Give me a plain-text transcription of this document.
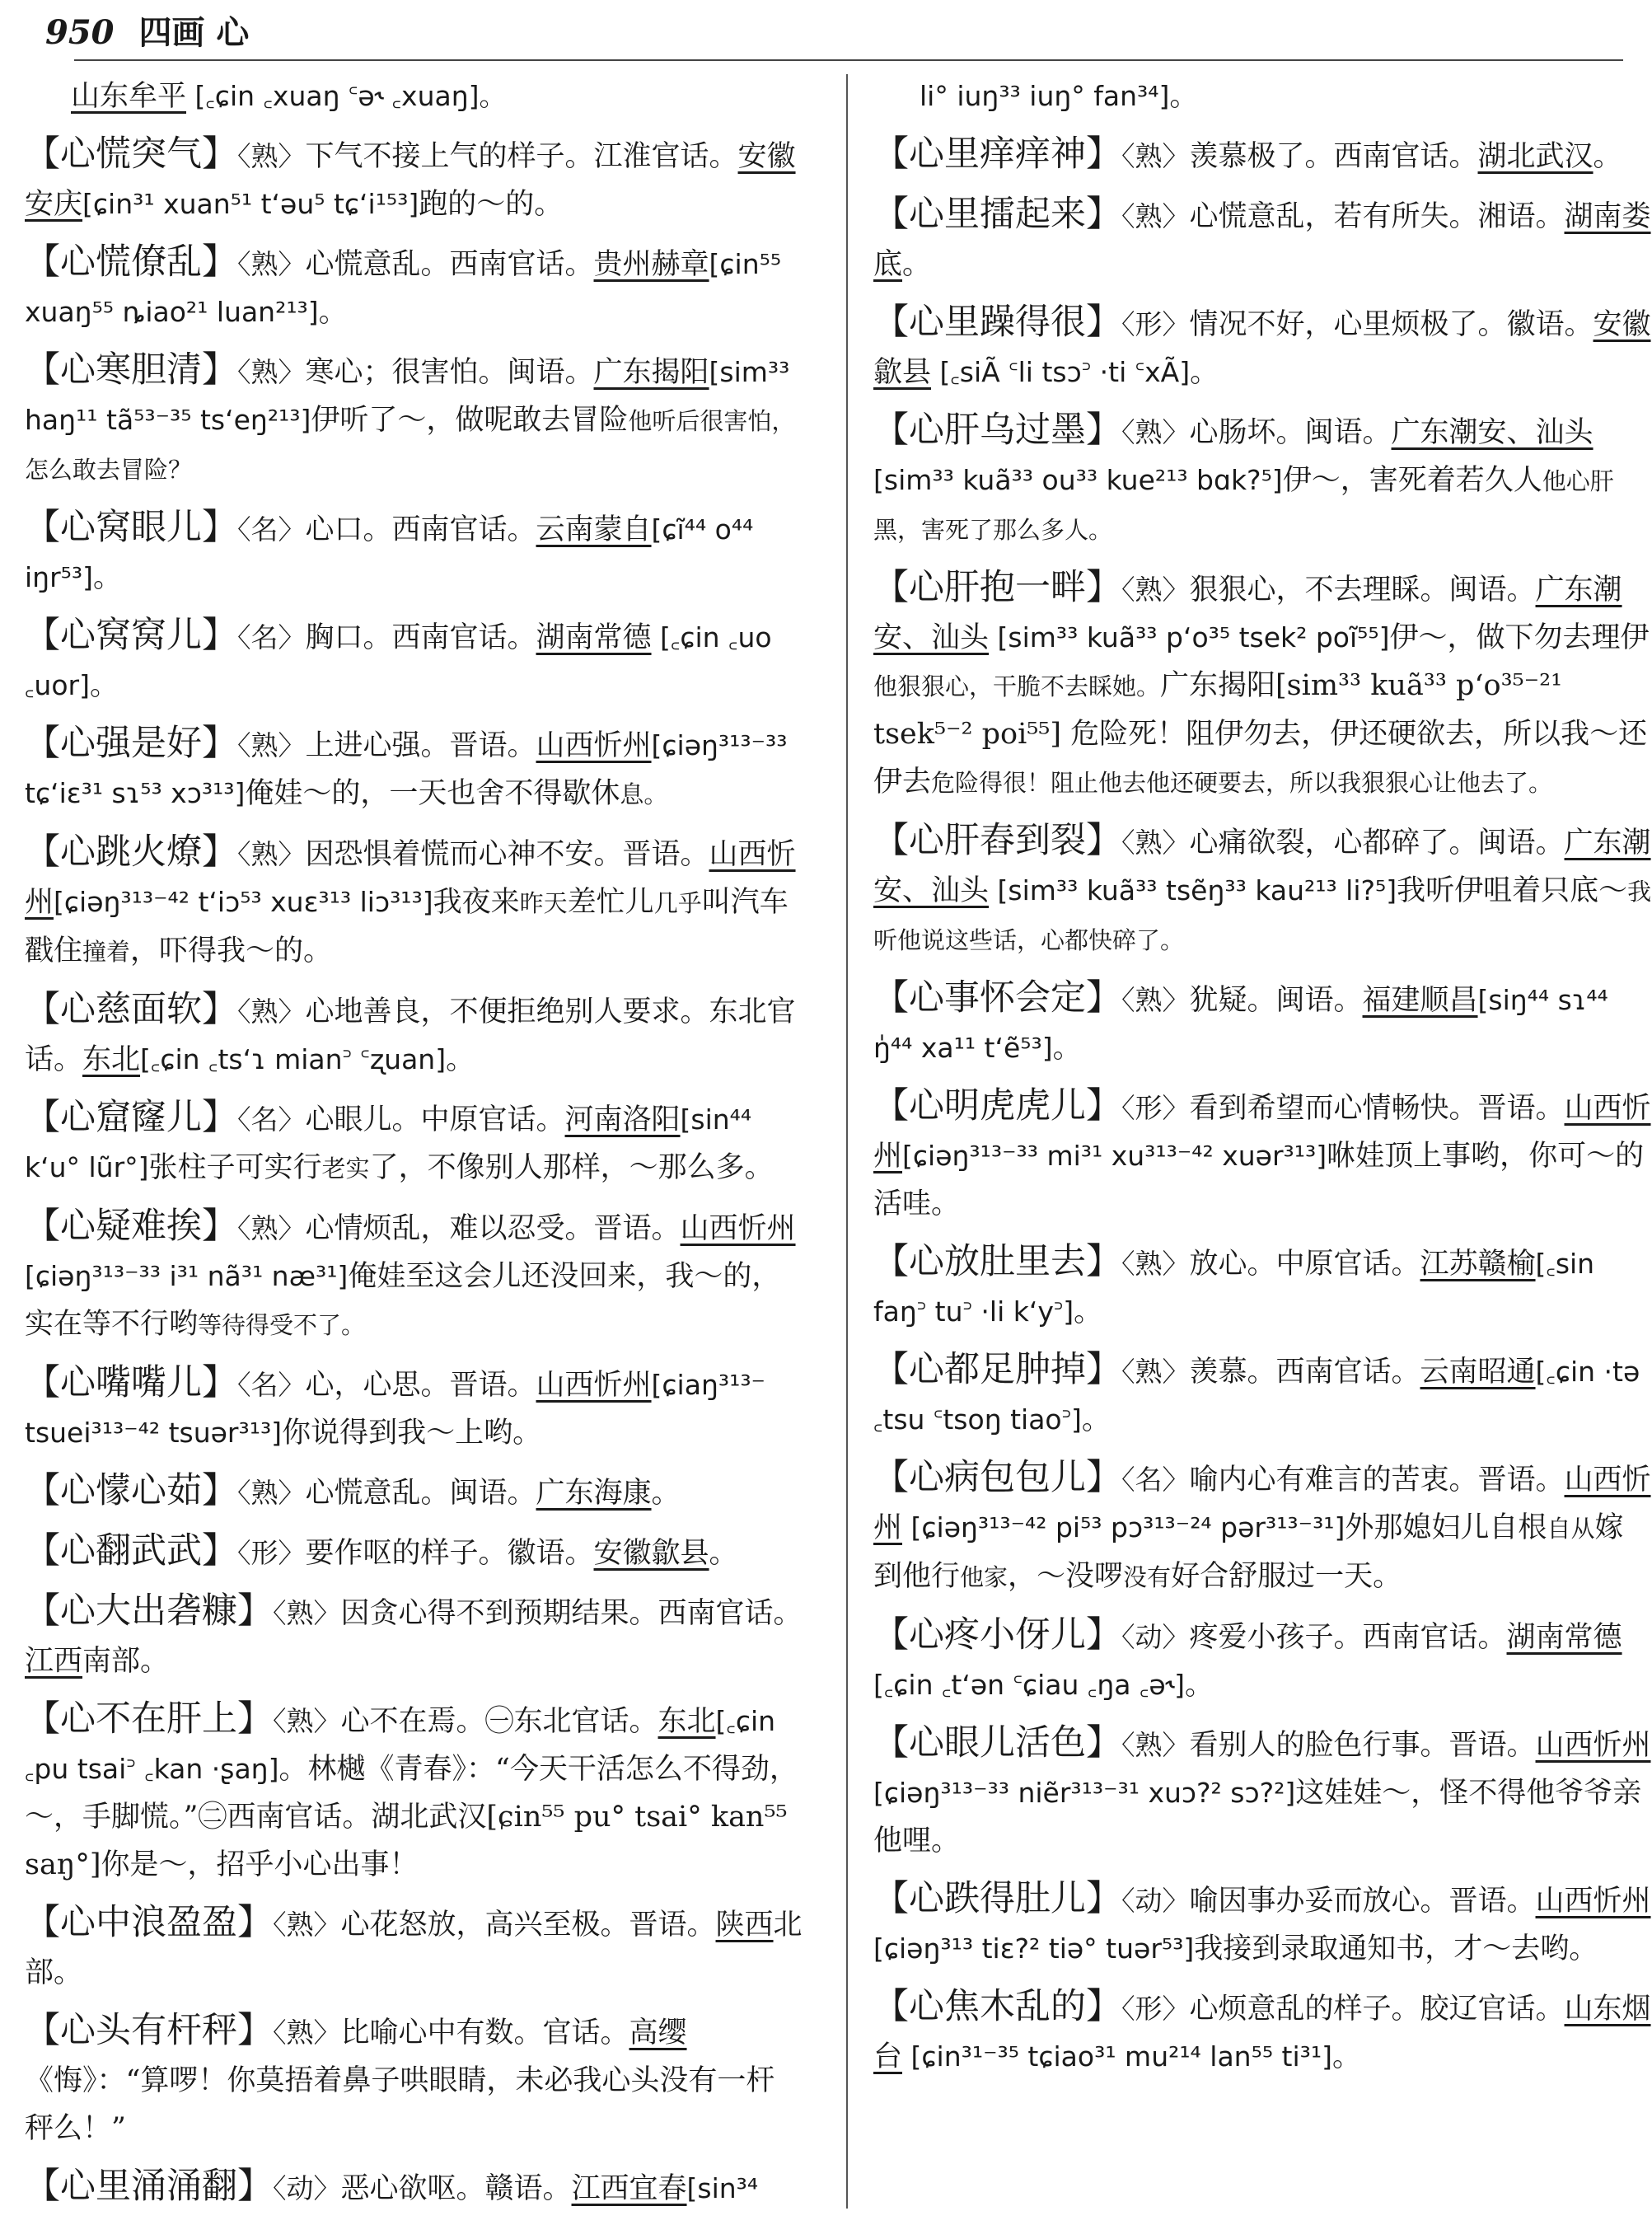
950 四画 心
山东牟平 [꜀ɕin ꜀xuaŋ ꜂ə˞ ꜀xuaŋ]。
【心慌突气】〈熟〉下气不接上气的样子。江淮官话。安徽安庆[ɕin³¹ xuan⁵¹ tʻəu⁵ tɕʻi¹⁵³]跑的～的。
【心慌僚乱】〈熟〉心慌意乱。西南官话。贵州赫章[ɕin⁵⁵ xuaŋ⁵⁵ ȵiao²¹ luan²¹³]。
【心寒胆清】〈熟〉寒心；很害怕。闽语。广东揭阳[sim³³ haŋ¹¹ tã⁵³⁻³⁵ tsʻeŋ²¹³]伊听了～，做呢敢去冒险他听后很害怕，怎么敢去冒险？
【心窝眼儿】〈名〉心口。西南官话。云南蒙自[ɕĩ⁴⁴ o⁴⁴ iŋr⁵³]。
【心窝窝儿】〈名〉胸口。西南官话。湖南常德 [꜀ɕin ꜀uo ꜀uor]。
【心强是好】〈熟〉上进心强。晋语。山西忻州[ɕiəŋ³¹³⁻³³ tɕʻiɛ³¹ sɿ⁵³ xɔ³¹³]俺娃～的，一天也舍不得歇休息。
【心跳火燎】〈熟〉因恐惧着慌而心神不安。晋语。山西忻州[ɕiəŋ³¹³⁻⁴² tʻiɔ⁵³ xuɛ³¹³ liɔ³¹³]我夜来昨天差忙儿几乎叫汽车戳住撞着，吓得我～的。
【心慈面软】〈熟〉心地善良，不便拒绝别人要求。东北官话。东北[꜀ɕin ꜀tsʻɿ mian꜄ ꜂ʐuan]。
【心窟窿儿】〈名〉心眼儿。中原官话。河南洛阳[sin⁴⁴ kʻu° lũr°]张柱子可实行老实了，不像别人那样，～那么多。
【心疑难挨】〈熟〉心情烦乱，难以忍受。晋语。山西忻州[ɕiəŋ³¹³⁻³³ i³¹ nã³¹ næ³¹]俺娃至这会儿还没回来，我～的，实在等不行哟等待得受不了。
【心嘴嘴儿】〈名〉心，心思。晋语。山西忻州[ɕiaŋ³¹³⁻ tsuei³¹³⁻⁴² tsuər³¹³]你说得到我～上哟。
【心懞心茹】〈熟〉心慌意乱。闽语。广东海康。
【心翻武武】〈形〉要作呕的样子。徽语。安徽歙县。
【心大出砻糠】〈熟〉因贪心得不到预期结果。西南官话。江西南部。
【心不在肝上】〈熟〉心不在焉。㊀东北官话。东北[꜀ɕin ꜀pu tsai꜄ ꜀kan ·ʂaŋ]。林樾《青春》：“今天干活怎么不得劲，～，手脚慌。”㊁西南官话。湖北武汉[ɕin⁵⁵ pu° tsai° kan⁵⁵ saŋ°]你是～，招乎小心出事！
【心中浪盈盈】〈熟〉心花怒放，高兴至极。晋语。陕西北部。
【心头有杆秤】〈熟〉比喻心中有数。官话。高缨《悔》：“算啰！你莫捂着鼻子哄眼睛，未必我心头没有一杆秤么！”
【心里涌涌翻】〈动〉恶心欲呕。赣语。江西宜春[sin³⁴
li° iuŋ³³ iuŋ° fan³⁴]。
【心里痒痒神】〈熟〉羡慕极了。西南官话。湖北武汉。
【心里擂起来】〈熟〉心慌意乱，若有所失。湘语。湖南娄底。
【心里躁得很】〈形〉情况不好，心里烦极了。徽语。安徽歙县 [꜀siÃ ꜂li tsɔ꜄ ·ti ꜂xÃ]。
【心肝乌过墨】〈熟〉心肠坏。闽语。广东潮安、汕头[sim³³ kuã³³ ou³³ kue²¹³ bɑk?⁵]伊～，害死着若久人他心肝黑，害死了那么多人。
【心肝抱一畔】〈熟〉狠狠心，不去理睬。闽语。广东潮安、汕头 [sim³³ kuã³³ pʻo³⁵ tsek² poĩ⁵⁵]伊～，做下勿去理伊他狠狠心，干脆不去睬她。广东揭阳[sim³³ kuã³³ pʻo³⁵⁻²¹ tsek⁵⁻² poi⁵⁵] 危险死！阻伊勿去，伊还硬欲去，所以我～还伊去危险得很！阻止他去他还硬要去，所以我狠狠心让他去了。
【心肝舂到裂】〈熟〉心痛欲裂，心都碎了。闽语。广东潮安、汕头 [sim³³ kuã³³ tsẽŋ³³ kau²¹³ li?⁵]我听伊咀着只底～我听他说这些话，心都快碎了。
【心事怀会定】〈熟〉犹疑。闽语。福建顺昌[siŋ⁴⁴ sɿ⁴⁴ ŋ̍⁴⁴ xa¹¹ tʻẽ⁵³]。
【心明虎虎儿】〈形〉看到希望而心情畅快。晋语。山西忻州[ɕiəŋ³¹³⁻³³ mi³¹ xu³¹³⁻⁴² xuər³¹³]咻娃顶上事哟，你可～的活哇。
【心放肚里去】〈熟〉放心。中原官话。江苏赣榆[꜀sin faŋ꜄ tu꜄ ·li kʻy꜄]。
【心都足肿掉】〈熟〉羡慕。西南官话。云南昭通[꜀ɕin ·tə ꜀tsu ꜂tsoŋ tiao꜄]。
【心病包包儿】〈名〉喻内心有难言的苦衷。晋语。山西忻州 [ɕiəŋ³¹³⁻⁴² pi⁵³ pɔ³¹³⁻²⁴ pər³¹³⁻³¹]外那媳妇儿自根自从嫁到他行他家，～没啰没有好合舒服过一天。
【心疼小伢儿】〈动〉疼爱小孩子。西南官话。湖南常德[꜀ɕin ꜀tʻən ꜂ɕiau ꜀ŋa ꜀ə˞]。
【心眼儿活色】〈熟〉看别人的脸色行事。晋语。山西忻州[ɕiəŋ³¹³⁻³³ niẽr³¹³⁻³¹ xuɔ?² sɔ?²]这娃娃～，怪不得他爷爷亲他哩。
【心跌得肚儿】〈动〉喻因事办妥而放心。晋语。山西忻州[ɕiəŋ³¹³ tiɛ?² tiə° tuər⁵³]我接到录取通知书，才～去哟。
【心焦木乱的】〈形〉心烦意乱的样子。胶辽官话。山东烟台 [ɕin³¹⁻³⁵ tɕiao³¹ mu²¹⁴ lan⁵⁵ ti³¹]。
